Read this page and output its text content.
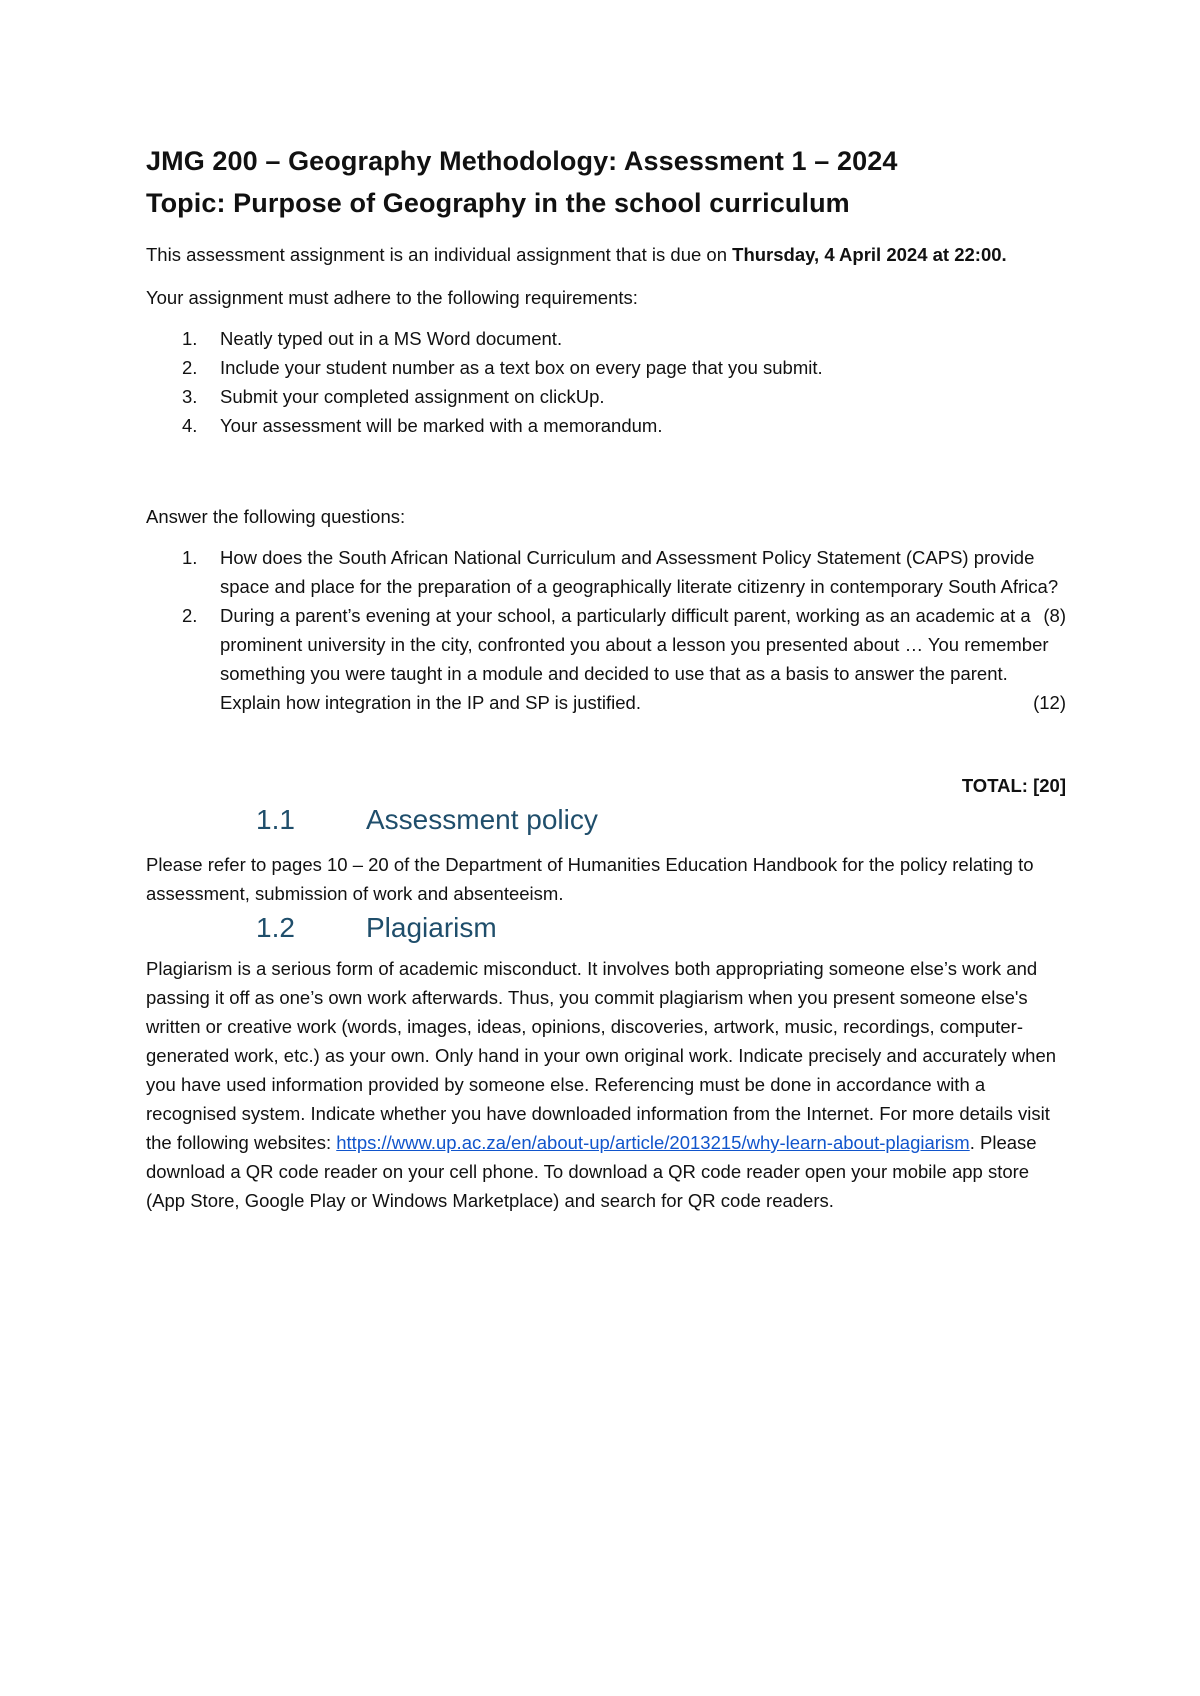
JMG 200 – Geography Methodology: Assessment 1 – 2024
Topic: Purpose of Geography in the school curriculum

This assessment assignment is an individual assignment that is due on Thursday, 4 April 2024 at 22:00.

Your assignment must adhere to the following requirements:

1. Neatly typed out in a MS Word document.
2. Include your student number as a text box on every page that you submit.
3. Submit your completed assignment on clickUp.
4. Your assessment will be marked with a memorandum.

Answer the following questions:

1. How does the South African National Curriculum and Assessment Policy Statement (CAPS) provide space and place for the preparation of a geographically literate citizenry in contemporary South Africa?
(8)
2. During a parent’s evening at your school, a particularly difficult parent, working as an academic at a prominent university in the city, confronted you about a lesson you presented about … You remember something you were taught in a module and decided to use that as a basis to answer the parent. Explain how integration in the IP and SP is justified.	(12)
TOTAL: [20]
1.1	Assessment policy

Please refer to pages 10 – 20 of the Department of Humanities Education Handbook for the policy relating to assessment, submission of work and absenteeism.

1.2	Plagiarism

Plagiarism is a serious form of academic misconduct. It involves both appropriating someone else’s work and passing it off as one’s own work afterwards. Thus, you commit plagiarism when you present someone else's written or creative work (words, images, ideas, opinions, discoveries, artwork, music, recordings, computer-generated work, etc.) as your own. Only hand in your own original work. Indicate precisely and accurately when you have used information provided by someone else. Referencing must be done in accordance with a recognised system. Indicate whether you have downloaded information from the Internet. For more details visit the following websites: https://www.up.ac.za/en/about-up/article/2013215/why-learn-about-plagiarism. Please download a QR code reader on your cell phone. To download a QR code reader open your mobile app store (App Store, Google Play or Windows Marketplace) and search for QR code readers.
